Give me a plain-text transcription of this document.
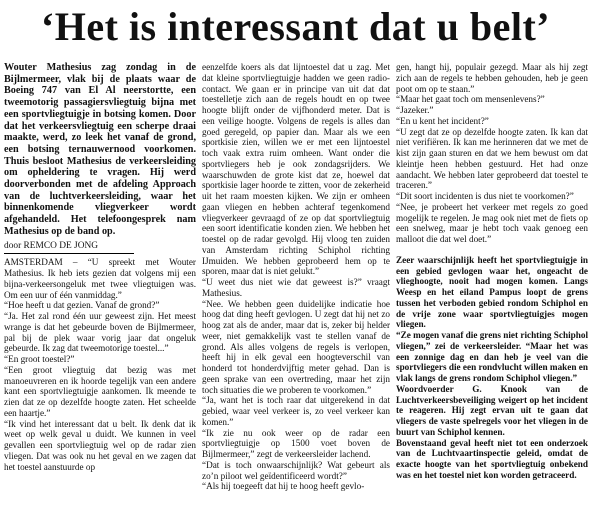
‘Het is interessant dat u belt’

Wouter Mathesius zag zondag in de Bijlmermeer, vlak bij de plaats waar de Boeing 747 van El Al neerstortte, een tweemotorig passagiersvliegtuig bijna met een sportvliegtuigje in botsing komen. Door dat het verkeersvliegtuig een scherpe draai maakte, werd, zo leek het vanaf de grond, een botsing ternauwernood voorkomen. Thuis besloot Mathesius de verkeersleiding om opheldering te vragen. Hij werd doorverbonden met de afdeling Approach van de luchtverkeersleiding, waar het binnenkomende vliegverkeer wordt afgehandeld. Het telefoongesprek nam Mathesius op de band op.

door REMCO DE JONG

AMSTERDAM – “U spreekt met Wouter Mathesius. Ik heb iets gezien dat volgens mij een bijna-verkeersongeluk met twee vliegtuigen was. Om een uur of één vanmiddag.”

“Hoe heeft u dat gezien. Vanaf de grond?”

“Ja. Het zal rond één uur geweest zijn. Het meest wrange is dat het gebeurde boven de Bijlmermeer, pal bij de plek waar vorig jaar dat ongeluk gebeurde. Ik zag dat tweemotorige toestel...”

“En groot toestel?”

“Een groot vliegtuig dat bezig was met manoeuvreren en ik hoorde tegelijk van een andere kant een sportvliegtuigje aankomen. Ik meende te zien dat ze op dezelfde hoogte zaten. Het scheelde een haartje.”

“Ik vind het interessant dat u belt. Ik denk dat ik weet op welk geval u duidt. We kunnen in veel gevallen een sportvliegtuig wel op de radar zien vliegen. Dat was ook nu het geval en we zagen dat het toestel aanstuurde op

eenzelfde koers als dat lijntoestel dat u zag. Met dat kleine sportvliegtuigje hadden we geen radio-contact. We gaan er in principe van uit dat dat toestelletje zich aan de regels houdt en op twee hoogte blijft onder de vijfhonderd meter. Dat is een veilige hoogte. Volgens de regels is alles dan goed geregeld, op papier dan. Maar als we een sportkisie zien, willen we er met een lijntoestel toch vaak extra ruim omheen. Want onder die sportvliegers heb je ook zondagsrijders. We waarschuwden de grote kist dat ze, hoewel dat sportkisie lager hoorde te zitten, voor de zekerheid uit het raam moesten kijken. We zijn er omheen gaan vliegen en hebben achteraf tegenkomend vliegverkeer gevraagd of ze op dat sportvliegtuig een soort identificatie konden zien. We hebben het toestel op de radar gevolgd. Hij vloog ten zuiden van Amsterdam richting Schiphol richting IJmuiden. We hebben geprobeerd hem op te sporen, maar dat is niet gelukt.”

“U weet dus niet wie dat geweest is?” vraagt Mathesius.

“Nee. We hebben geen duidelijke indicatie hoe hoog dat ding heeft gevlogen. U zegt dat hij net zo hoog zat als de ander, maar dat is, zeker bij helder weer, niet gemakkelijk vast te stellen vanaf de grond. Als alles volgens de regels is verlopen, heeft hij in elk geval een hoogteverschil van honderd tot honderdvijftig meter gehad. Dan is geen sprake van een overtreding, maar het zijn toch situaties die we proberen te voorkomen.”

“Ja, want het is toch raar dat uitgerekend in dat gebied, waar veel verkeer is, zo veel verkeer kan komen.”

“Ik zie nu ook weer op de radar een sportvliegtuigje op 1500 voet boven de Bijlmermeer,” zegt de verkeersleider lachend.

“Dat is toch onwaarschijnlijk? Wat gebeurt als zo’n piloot wel geïdentificeerd wordt?”

“Als hij toegeeft dat hij te hoog heeft gevlo-

gen, hangt hij, populair gezegd. Maar als hij zegt zich aan de regels te hebben gehouden, heb je geen poot om op te staan.”

“Maar het gaat toch om mensenlevens?”

“Jazeker.”

“En u kent het incident?”

“U zegt dat ze op dezelfde hoogte zaten. Ik kan dat niet verifiëren. Ik kan me herinneren dat we met de kist zijn gaan sturen en dat we hem bewust om dat kleintje heen hebben gestuurd. Het had onze aandacht. We hebben later geprobeerd dat toestel te traceren.”

“Dit soort incidenten is dus niet te voorkomen?”

“Nee, je probeert het verkeer met regels zo goed mogelijk te regelen. Je mag ook niet met de fiets op een snelweg, maar je hebt toch vaak genoeg een malloot die dat wel doet.”

Zeer waarschijnlijk heeft het sportvliegtuigje in een gebied gevlogen waar het, ongeacht de vlieghoogte, nooit had mogen komen. Langs Weesp en het eiland Pampus loopt de grens tussen het verboden gebied rondom Schiphol en de vrije zone waar sportvliegtuigjes mogen vliegen.

“Ze mogen vanaf die grens niet richting Schiphol vliegen,” zei de verkeersleider. “Maar het was een zonnige dag en dan heb je veel van die sportvliegers die een rondvlucht willen maken en vlak langs de grens rondom Schiphol vliegen.”

Woordvoerder G. Knook van de Luchtverkeersbeveiliging weigert op het incident te reageren. Hij zegt ervan uit te gaan dat vliegers de vaste spelregels voor het vliegen in de buurt van Schiphol kennen.

Bovenstaand geval heeft niet tot een onderzoek van de Luchtvaartinspectie geleid, omdat de exacte hoogte van het sportvliegtuig onbekend was en het toestel niet kon worden getraceerd.
